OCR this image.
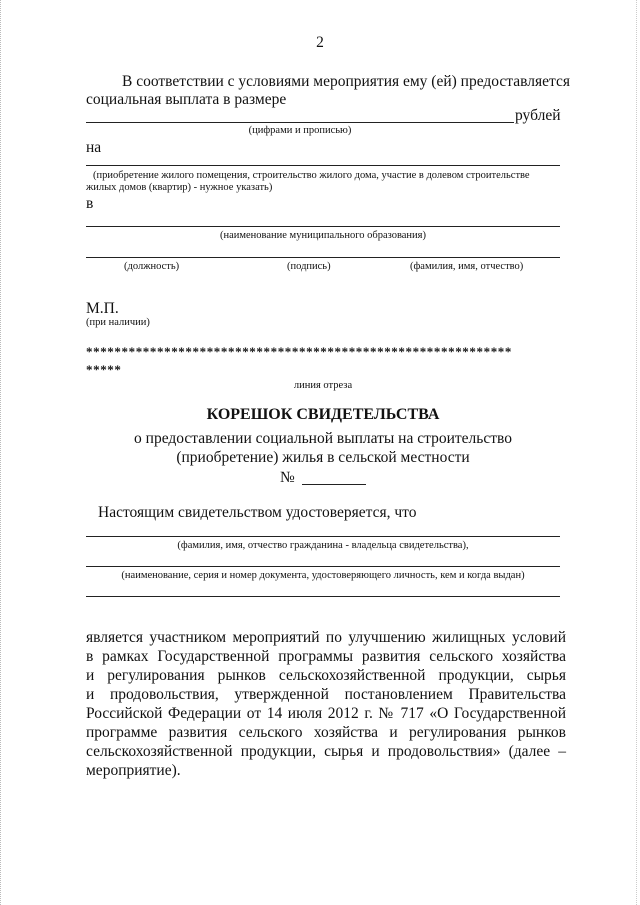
2
В соответствии с условиями мероприятия ему (ей) предоставляется
социальная выплата в размере
рублей
(цифрами и прописью)
на
(приобретение жилого помещения, строительство жилого дома, участие в долевом строительстве
жилых домов (квартир) - нужное указать)
в
(наименование муниципального образования)
(должность)	(подпись)	(фамилия, имя, отчество)
М.П.
(при наличии)
************************************************************
*****
линия отреза
КОРЕШОК СВИДЕТЕЛЬСТВА
о предоставлении социальной выплаты на строительство
(приобретение) жилья в сельской местности
№
Настоящим свидетельством удостоверяется, что
(фамилия, имя, отчество гражданина - владельца свидетельства),
(наименование, серия и номер документа, удостоверяющего личность, кем и когда выдан)
является участником мероприятий по улучшению жилищных условий
в рамках Государственной программы развития сельского хозяйства
и регулирования рынков сельскохозяйственной продукции, сырья
и продовольствия, утвержденной постановлением Правительства
Российской Федерации от 14 июля 2012 г. № 717 «О Государственной
программе развития сельского хозяйства и регулирования рынков
сельскохозяйственной продукции, сырья и продовольствия» (далее –
мероприятие).
